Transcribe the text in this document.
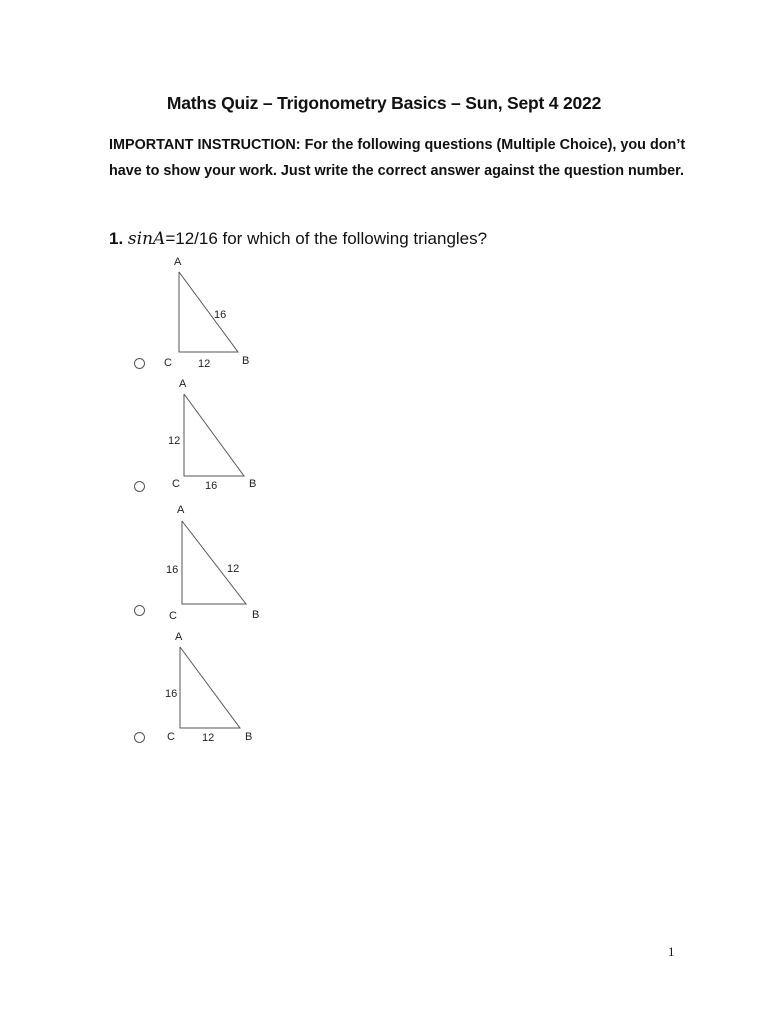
Maths Quiz – Trigonometry Basics – Sun, Sept 4 2022
IMPORTANT INSTRUCTION: For the following questions (Multiple Choice), you don’t have to show your work. Just write the correct answer against the question number.
1. sinA=12/16 for which of the following triangles?
A
C	B
16
12
A
C	B
12
16
A
C	B
16	12
A
C	B
16
12
1
